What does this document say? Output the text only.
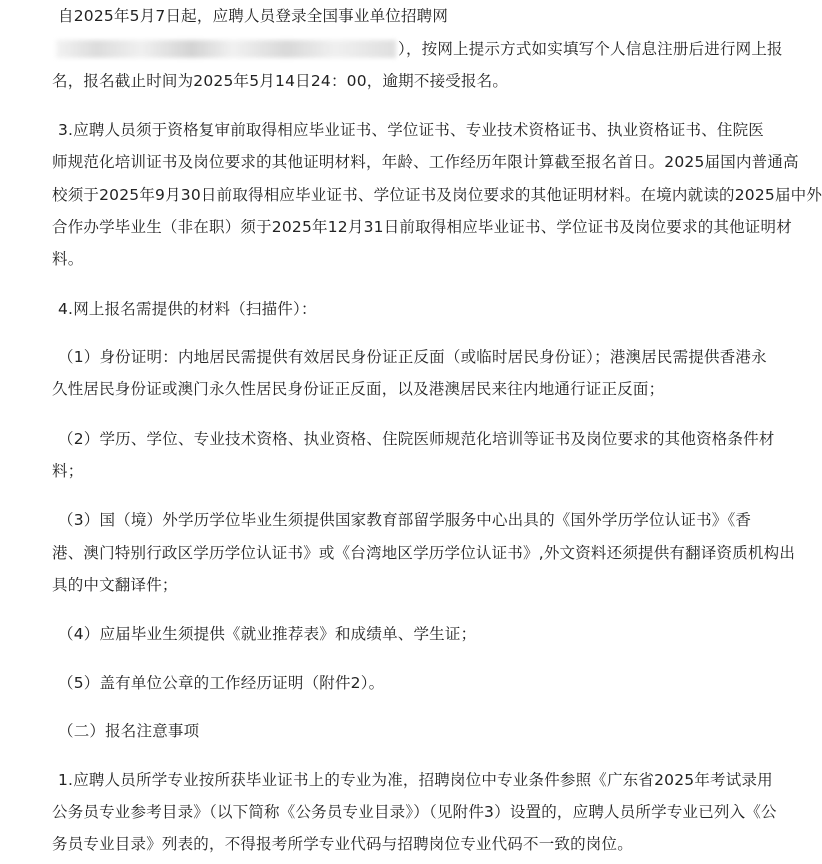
自2025年5月7日起，应聘人员登录全国事业单位招聘网
），按网上提示方式如实填写个人信息注册后进行网上报
名，报名截止时间为2025年5月14日24：00，逾期不接受报名。
3.应聘人员须于资格复审前取得相应毕业证书、学位证书、专业技术资格证书、执业资格证书、住院医
师规范化培训证书及岗位要求的其他证明材料，年龄、工作经历年限计算截至报名首日。2025届国内普通高
校须于2025年9月30日前取得相应毕业证书、学位证书及岗位要求的其他证明材料。在境内就读的2025届中外
合作办学毕业生（非在职）须于2025年12月31日前取得相应毕业证书、学位证书及岗位要求的其他证明材
料。
4.网上报名需提供的材料（扫描件）：
（1）身份证明：内地居民需提供有效居民身份证正反面（或临时居民身份证）；港澳居民需提供香港永
久性居民身份证或澳门永久性居民身份证正反面，以及港澳居民来往内地通行证正反面；
（2）学历、学位、专业技术资格、执业资格、住院医师规范化培训等证书及岗位要求的其他资格条件材
料；
（3）国（境）外学历学位毕业生须提供国家教育部留学服务中心出具的《国外学历学位认证书》《香
港、澳门特别行政区学历学位认证书》或《台湾地区学历学位认证书》,外文资料还须提供有翻译资质机构出
具的中文翻译件；
（4）应届毕业生须提供《就业推荐表》和成绩单、学生证；
（5）盖有单位公章的工作经历证明（附件2）。
（二）报名注意事项
1.应聘人员所学专业按所获毕业证书上的专业为准，招聘岗位中专业条件参照《广东省2025年考试录用
公务员专业参考目录》（以下简称《公务员专业目录》）（见附件3）设置的，应聘人员所学专业已列入《公
务员专业目录》列表的，不得报考所学专业代码与招聘岗位专业代码不一致的岗位。
